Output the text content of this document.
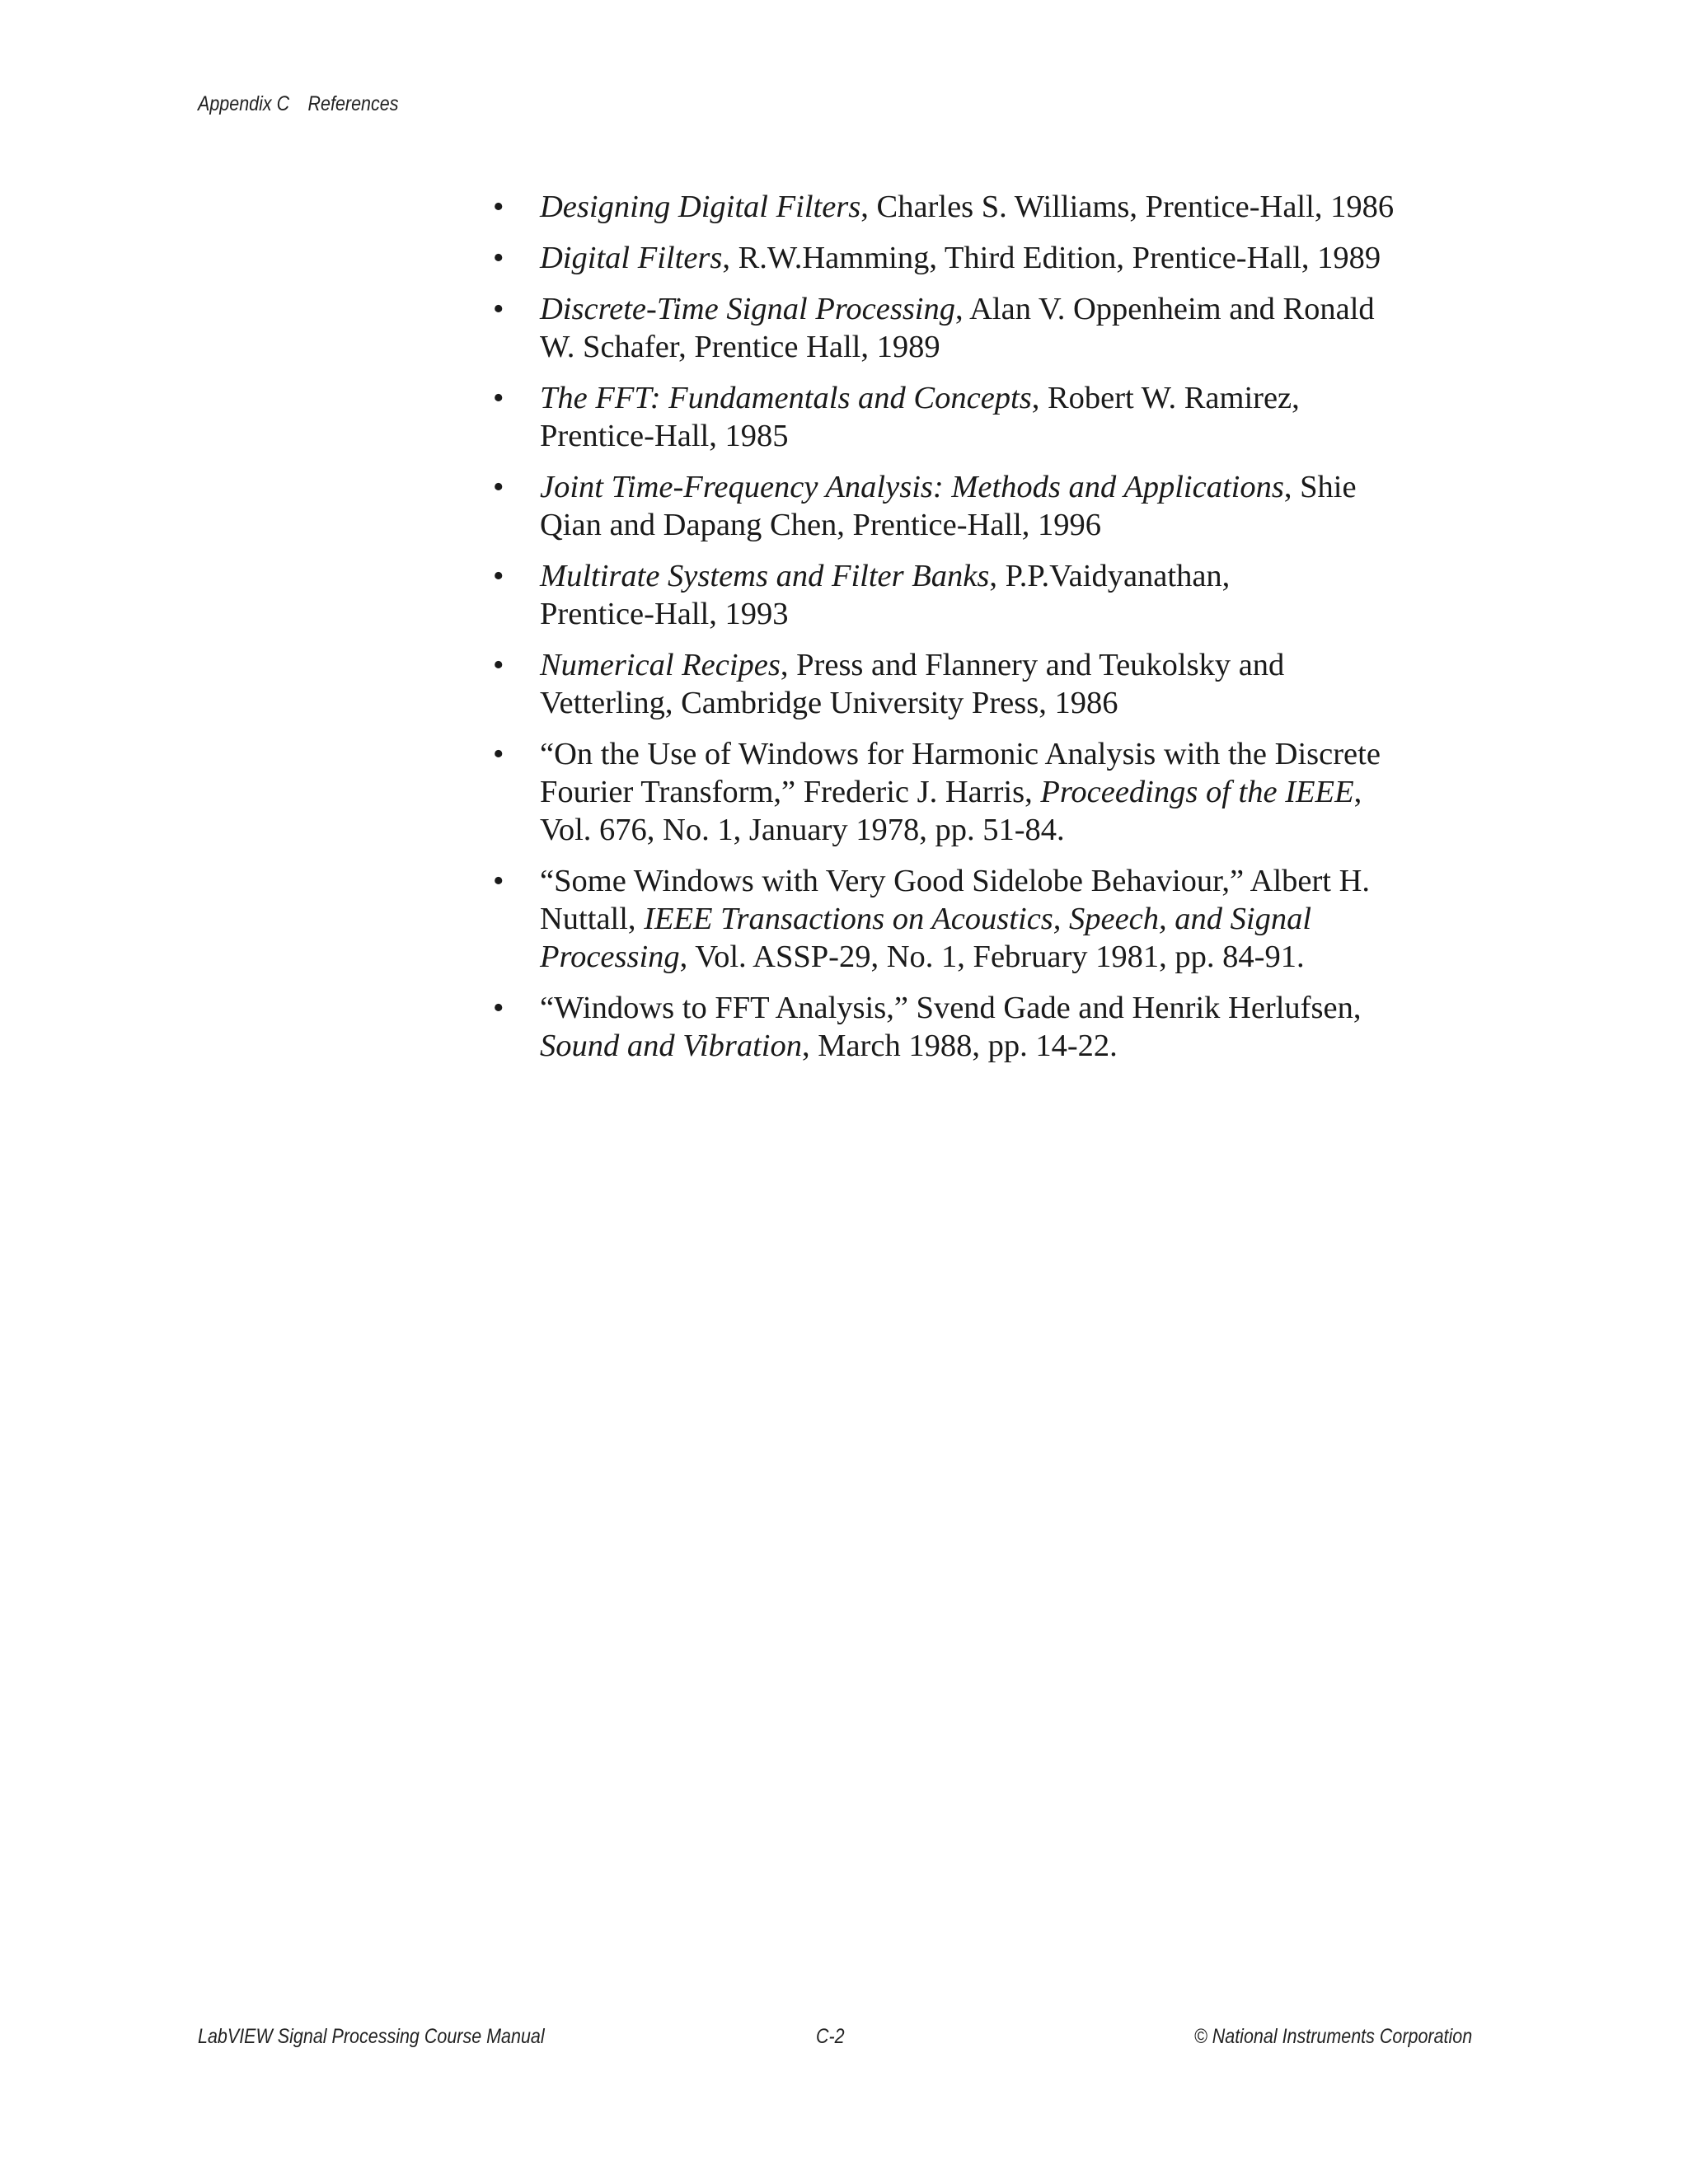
Appendix C References
• Designing Digital Filters, Charles S. Williams, Prentice-Hall, 1986
• Digital Filters, R.W.Hamming, Third Edition, Prentice-Hall, 1989
• Discrete-Time Signal Processing, Alan V. Oppenheim and Ronald
W. Schafer, Prentice Hall, 1989
• The FFT: Fundamentals and Concepts, Robert W. Ramirez,
Prentice-Hall, 1985
• Joint Time-Frequency Analysis: Methods and Applications, Shie
Qian and Dapang Chen, Prentice-Hall, 1996
• Multirate Systems and Filter Banks, P.P.Vaidyanathan,
Prentice-Hall, 1993
• Numerical Recipes, Press and Flannery and Teukolsky and
Vetterling, Cambridge University Press, 1986
• “On the Use of Windows for Harmonic Analysis with the Discrete
Fourier Transform,” Frederic J. Harris, Proceedings of the IEEE,
Vol. 676, No. 1, January 1978, pp. 51-84.
• “Some Windows with Very Good Sidelobe Behaviour,” Albert H.
Nuttall, IEEE Transactions on Acoustics, Speech, and Signal
Processing, Vol. ASSP-29, No. 1, February 1981, pp. 84-91.
• “Windows to FFT Analysis,” Svend Gade and Henrik Herlufsen,
Sound and Vibration, March 1988, pp. 14-22.
LabVIEW Signal Processing Course Manual	C-2	© National Instruments Corporation
